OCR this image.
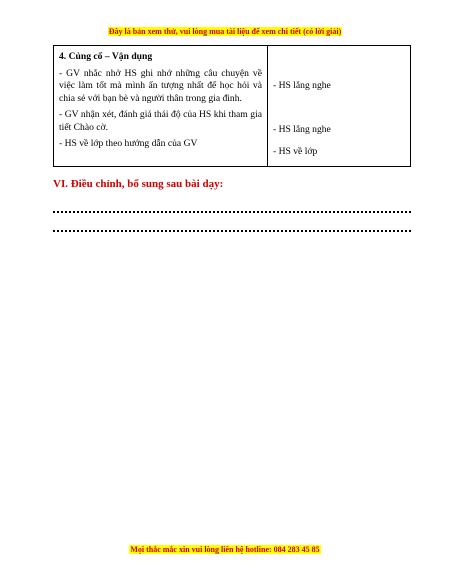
Đây là bản xem thử, vui lòng mua tài liệu để xem chi tiết (có lời giải)
4. Củng cố – Vận dụng
- GV nhắc nhở HS ghi nhớ những câu chuyện về việc làm tốt mà mình ấn tượng nhất để học hỏi và chia sẻ với bạn bè và người thân trong gia đình.
- GV nhận xét, đánh giá thái độ của HS khi tham gia tiết Chào cờ.
- HS về lớp theo hướng dẫn của GV
- HS lắng nghe
- HS lắng nghe
- HS về lớp
VI. Điều chỉnh, bổ sung sau bài dạy:
Mọi thắc mắc xin vui lòng liên hệ hotline: 084 283 45 85
